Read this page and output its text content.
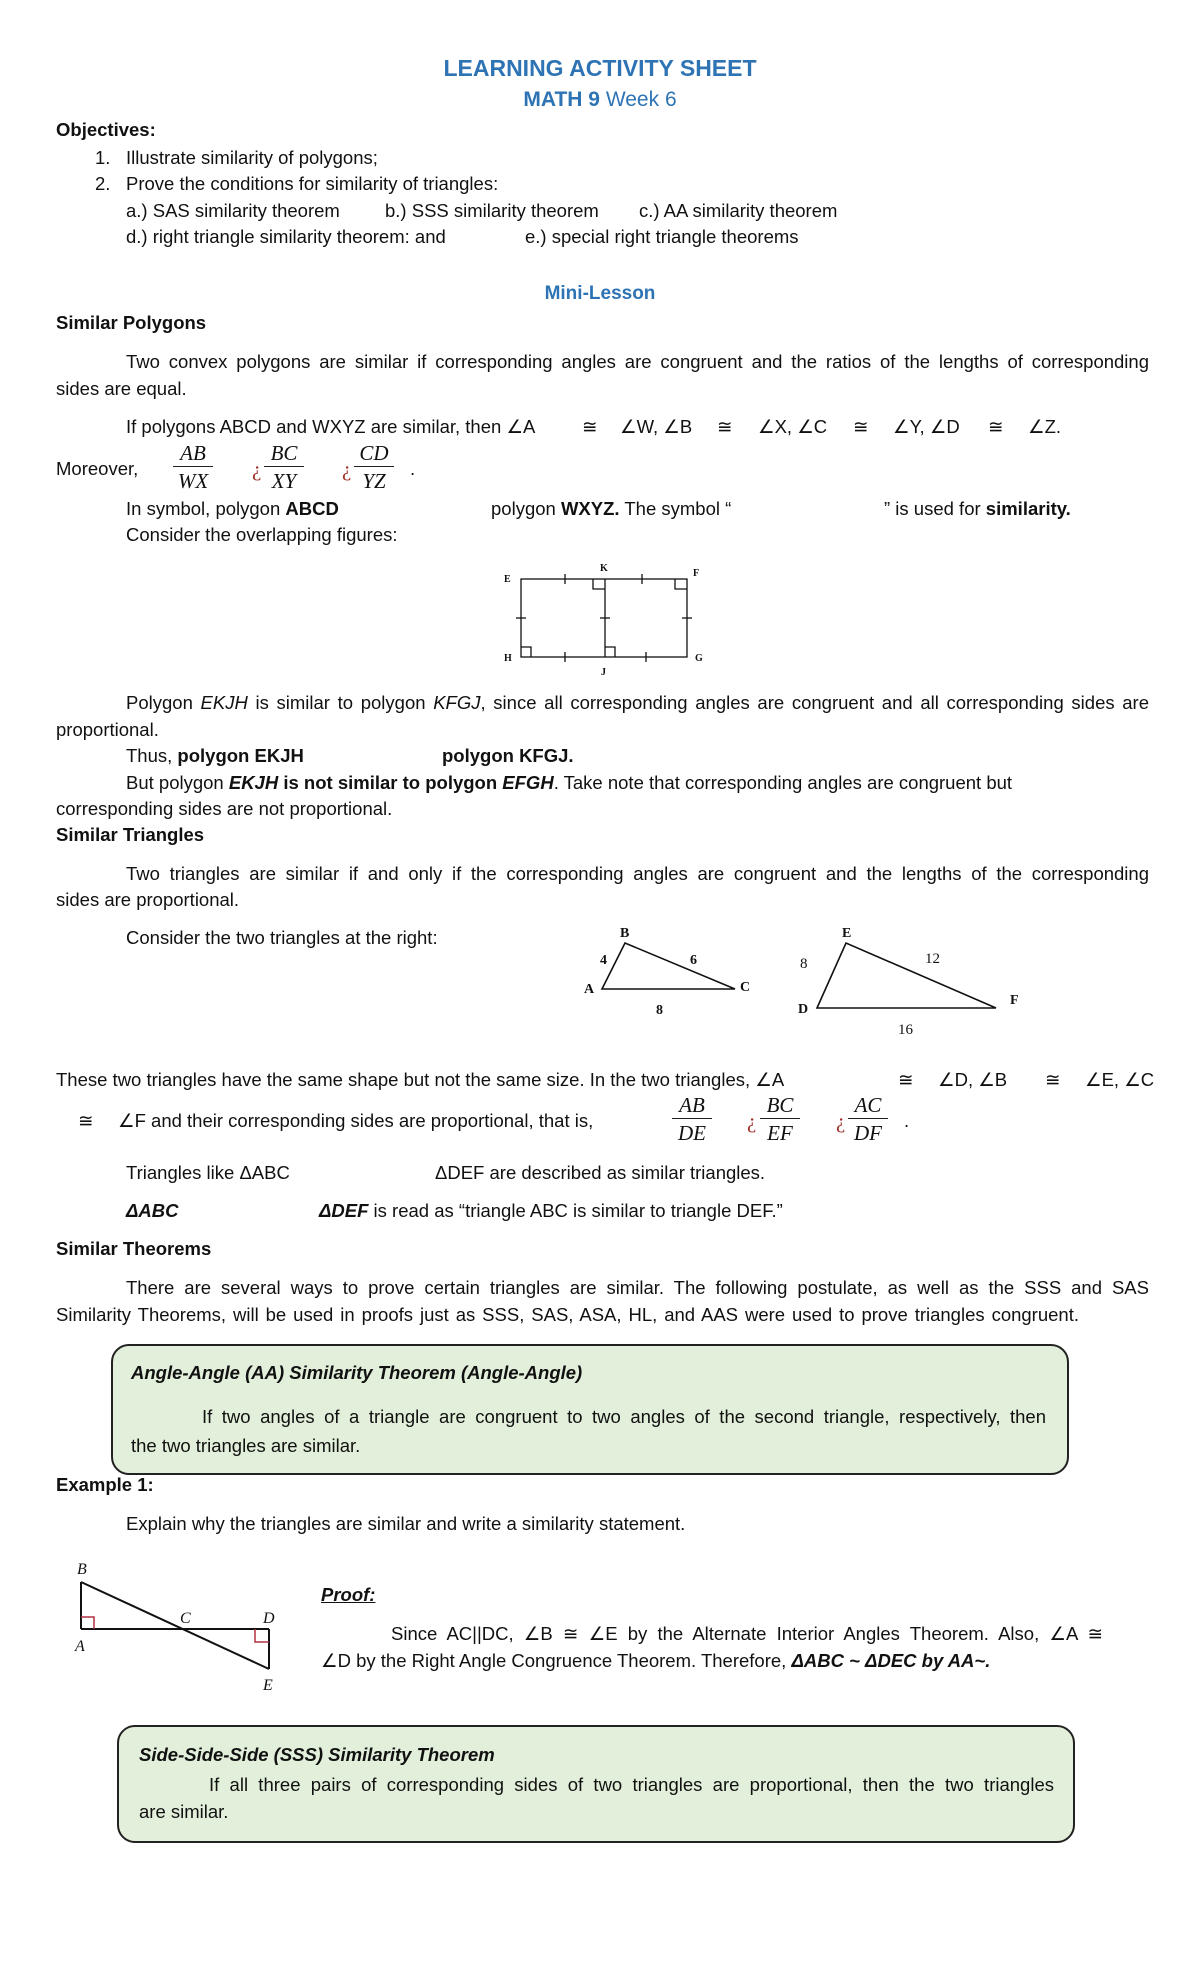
LEARNING ACTIVITY SHEET
MATH 9 Week 6
Objectives:
1. Illustrate similarity of polygons;
2. Prove the conditions for similarity of triangles:
a.) SAS similarity theorem b.) SSS similarity theorem c.) AA similarity theorem
d.) right triangle similarity theorem: and	e.) special right triangle theorems
Mini-Lesson
Similar Polygons
Two convex polygons are similar if corresponding angles are congruent and the ratios of the lengths of corresponding
sides are equal.
If polygons ABCD and WXYZ are similar, then ∠A	≅ ∠W, ∠B ≅ ∠X, ∠C ≅ ∠Y, ∠D ≅ ∠Z.
Moreover, $\frac{AB}{WX}$ ¿ $\frac{BC}{XY}$ ¿ $\frac{CD}{YZ}$ .
In symbol, polygon ABCD	polygon WXYZ. The symbol “	” is used for similarity.
Consider the overlapping figures:
E
K	F
H
J
G
Polygon EKJH is similar to polygon KFGJ, since all corresponding angles are congruent and all corresponding sides are
proportional.
Thus, polygon EKJH	polygon KFGJ.
But polygon EKJH is not similar to polygon EFGH. Take note that corresponding angles are congruent but
corresponding sides are not proportional.
Similar Triangles
Two triangles are similar if and only if the corresponding angles are congruent and the lengths of the corresponding
sides are proportional.
Consider the two triangles at the right:
A
B
C
4	6
8	D
E
F
8	12
16
These two triangles have the same shape but not the same size. In the two triangles, ∠A	≅ ∠D, ∠B ≅ ∠E, ∠C
≅ ∠F and their corresponding sides are proportional, that is,	$\frac{AB}{DE}$ ¿ $\frac{BC}{EF}$ ¿ $\frac{AC}{DF}$ .
Triangles like ΔABC	ΔDEF are described as similar triangles.
ΔABC	ΔDEF is read as “triangle ABC is similar to triangle DEF.”
Similar Theorems
There are several ways to prove certain triangles are similar. The following postulate, as well as the SSS and SAS
Similarity Theorems, will be used in proofs just as SSS, SAS, ASA, HL, and AAS were used to prove triangles congruent.
Angle-Angle (AA) Similarity Theorem (Angle-Angle)
If two angles of a triangle are congruent to two angles of the second triangle, respectively, then
the two triangles are similar.
Example 1:
Explain why the triangles are similar and write a similarity statement.
B
A
C	D
E
Proof:
Since AC||DC, ∠B ≅ ∠E by the Alternate Interior Angles Theorem. Also, ∠A ≅
∠D by the Right Angle Congruence Theorem. Therefore, ΔABC ~ ΔDEC by AA~.
Side-Side-Side (SSS) Similarity Theorem
If all three pairs of corresponding sides of two triangles are proportional, then the two triangles
are similar.
